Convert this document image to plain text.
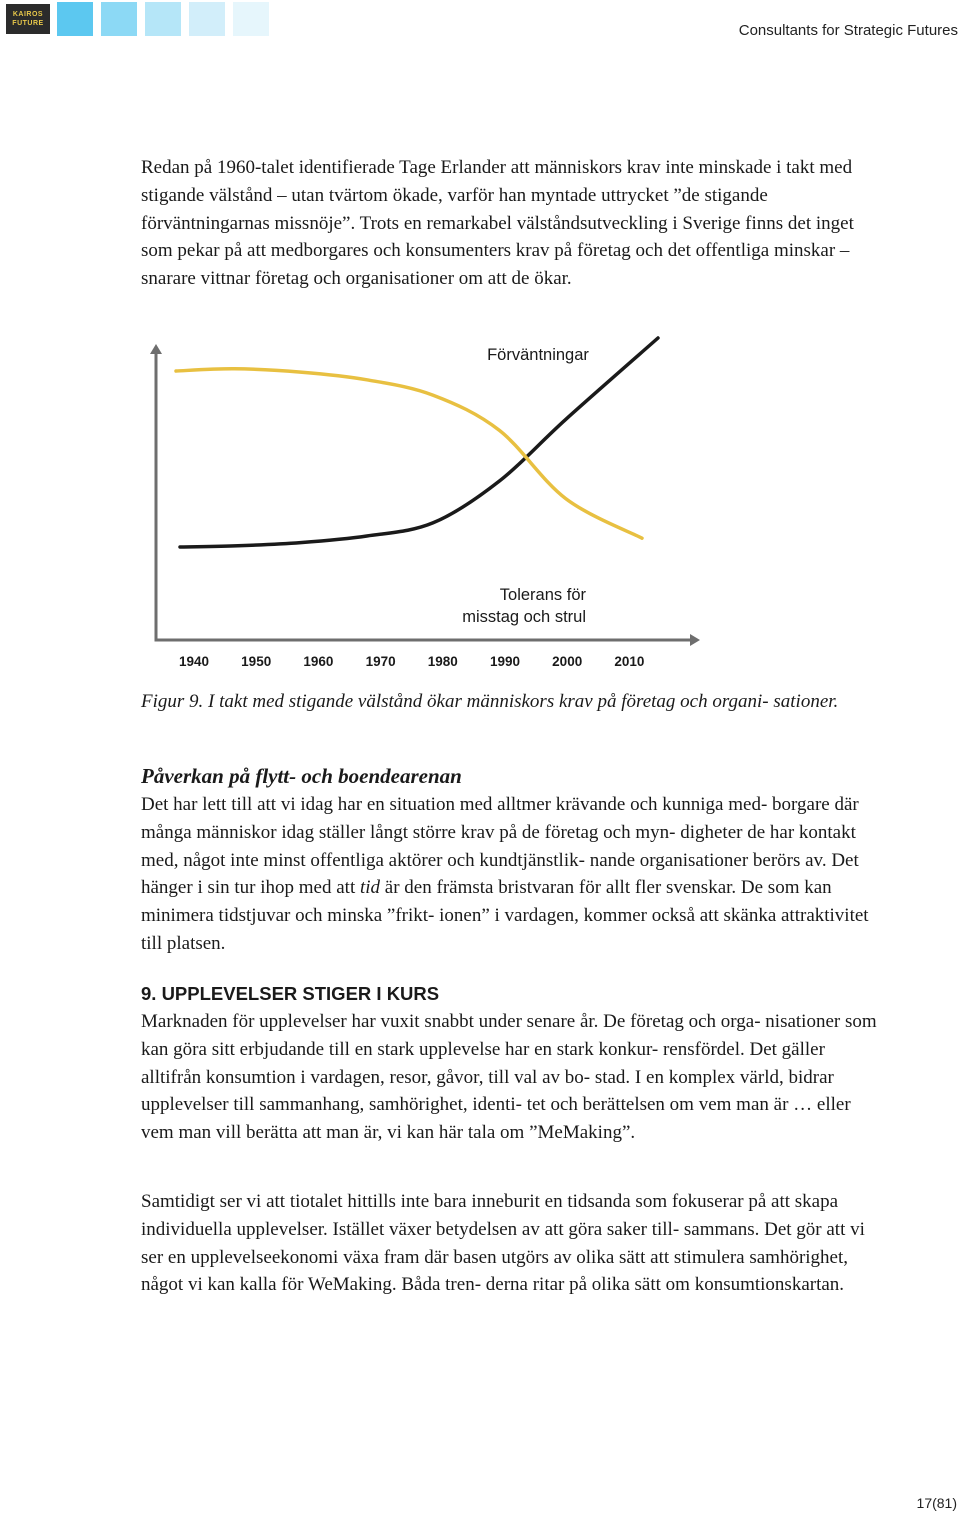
KAIROS
FUTURE	Consultants for Strategic Futures

Redan på 1960-talet identifierade Tage Erlander att människors krav inte minskade i takt med stigande välstånd – utan tvärtom ökade, varför han myntade uttrycket ”de stigande förväntningarnas missnöje”. Trots en remarkabel välståndsutveckling i Sverige finns det inget som pekar på att medborgares och konsumenters krav på företag och det offentliga minskar – snarare vittnar företag och organisationer om att de ökar.

Förväntningar
Tolerans för
misstag och strul
1940 1950 1960 1970 1980 1990 2000 2010

Figur 9. I takt med stigande välstånd ökar människors krav på företag och organi- sationer.

Påverkan på flytt- och boendearenan

Det har lett till att vi idag har en situation med alltmer krävande och kunniga med- borgare där många människor idag ställer långt större krav på de företag och myn- digheter de har kontakt med, något inte minst offentliga aktörer och kundtjänstlik- nande organisationer berörs av. Det hänger i sin tur ihop med att tid är den främsta bristvaran för allt fler svenskar. De som kan minimera tidstjuvar och minska ”frikt- ionen” i vardagen, kommer också att skänka attraktivitet till platsen.

9. UPPLEVELSER STIGER I KURS

Marknaden för upplevelser har vuxit snabbt under senare år. De företag och orga- nisationer som kan göra sitt erbjudande till en stark upplevelse har en stark konkur- rensfördel. Det gäller alltifrån konsumtion i vardagen, resor, gåvor, till val av bo- stad. I en komplex värld, bidrar upplevelser till sammanhang, samhörighet, identi- tet och berättelsen om vem man är … eller vem man vill berätta att man är, vi kan här tala om ”MeMaking”.

Samtidigt ser vi att tiotalet hittills inte bara inneburit en tidsanda som fokuserar på att skapa individuella upplevelser. Istället växer betydelsen av att göra saker till- sammans. Det gör att vi ser en upplevelseekonomi växa fram där basen utgörs av olika sätt att stimulera samhörighet, något vi kan kalla för WeMaking. Båda tren- derna ritar på olika sätt om konsumtionskartan.

17(81)
